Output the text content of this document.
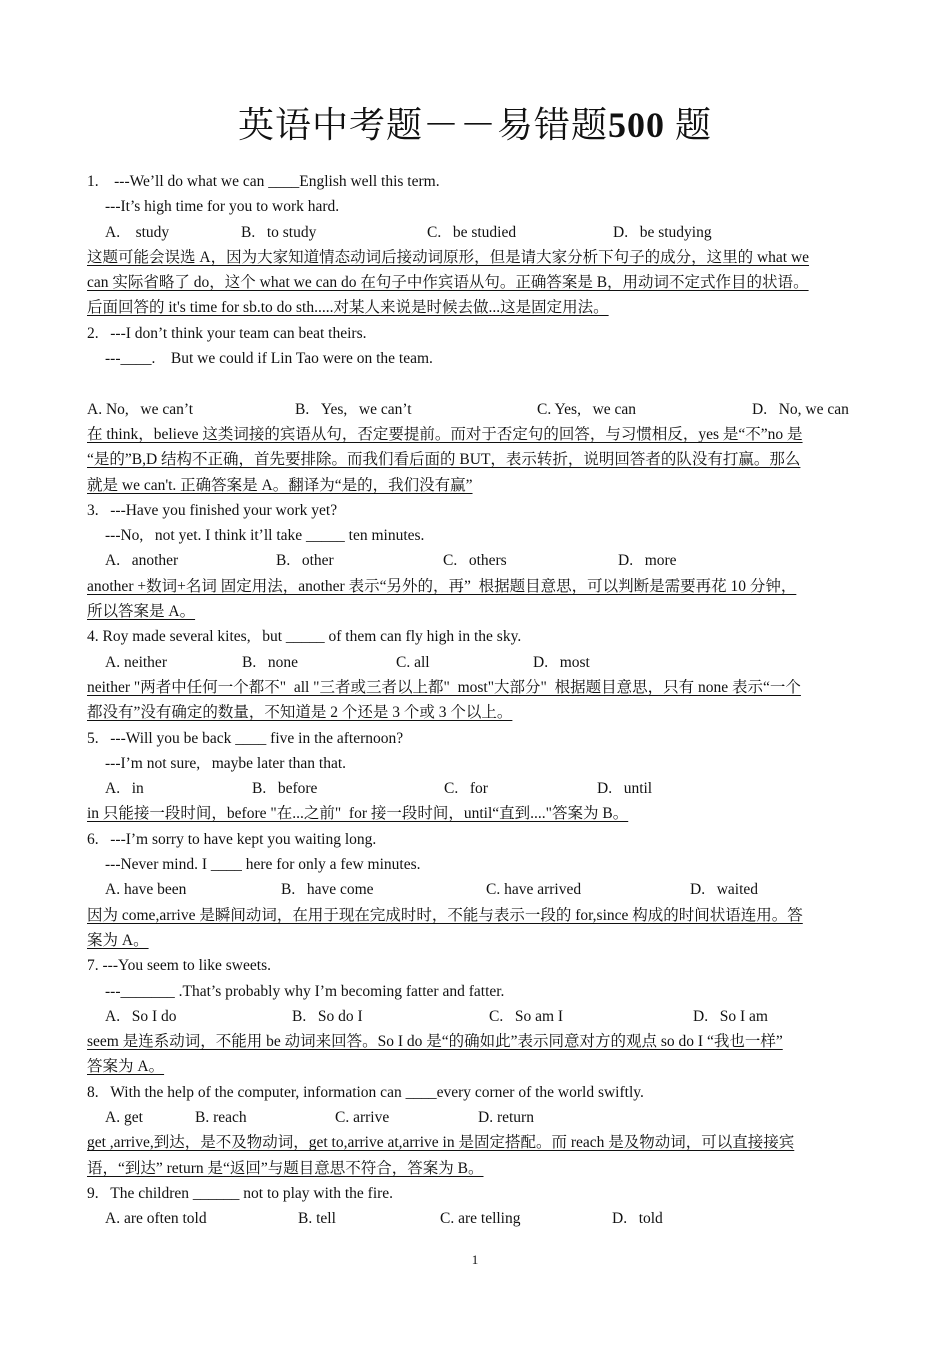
英语中考题－－易错题500 题
1.    ---We’ll do what we can ____English well this term.
---It’s high time for you to work hard.
A.    study	B.   to study	C.   be studied	D.   be studying
这题可能会误选 A，因为大家知道情态动词后接动词原形，但是请大家分析下句子的成分，这里的 what we
can 实际省略了 do，这个 what we can do 在句子中作宾语从句。正确答案是 B，用动词不定式作目的状语。
后面回答的 it's time for sb.to do sth.....对某人来说是时候去做...这是固定用法。
2.   ---I don’t think your team can beat theirs.
---____.    But we could if Lin Tao were on the team.
A. No,   we can’t	B.   Yes,   we can’t	C. Yes,   we can	D.   No, we can
在 think，believe 这类词接的宾语从句，否定要提前。而对于否定句的回答，与习惯相反，yes 是“不”no 是
“是的”B,D 结构不正确，首先要排除。而我们看后面的 BUT，表示转折，说明回答者的队没有打赢。那么
就是 we can't. 正确答案是 A。翻译为“是的，我们没有赢”
3.   ---Have you finished your work yet?
---No,   not yet. I think it’ll take _____ ten minutes.
A.   another	B.   other	C.   others	D.   more
another +数词+名词 固定用法，another 表示“另外的，再”  根据题目意思，可以判断是需要再花 10 分钟，
所以答案是 A。
4. Roy made several kites,   but _____ of them can fly high in the sky.
A. neither	B.   none	C. all	D.   most
neither "两者中任何一个都不"  all "三者或三者以上都"  most"大部分"  根据题目意思，只有 none 表示“一个
都没有”没有确定的数量，不知道是 2 个还是 3 个或 3 个以上。
5.   ---Will you be back ____ five in the afternoon?
---I’m not sure,   maybe later than that.
A.   in	B.   before	C.   for	D.   until
in 只能接一段时间，before "在...之前"  for 接一段时间，until“直到...."答案为 B。
6.   ---I’m sorry to have kept you waiting long.
---Never mind. I ____ here for only a few minutes.
A. have been	B.   have come	C. have arrived	D.   waited
因为 come,arrive 是瞬间动词，在用于现在完成时时，不能与表示一段的 for,since 构成的时间状语连用。答
案为 A。
7. ---You seem to like sweets.
---_______ .That’s probably why I’m becoming fatter and fatter.
A.   So I do	B.   So do I	C.   So am I	D.   So I am
seem 是连系动词，不能用 be 动词来回答。So I do 是“的确如此”表示同意对方的观点 so do I “我也一样”
答案为 A。
8.   With the help of the computer, information can ____every corner of the world swiftly.
A. get	B. reach	C. arrive	D. return
get ,arrive,到达，是不及物动词，get to,arrive at,arrive in 是固定搭配。而 reach 是及物动词，可以直接接宾
语，“到达” return 是“返回”与题目意思不符合，答案为 B。
9.   The children ______ not to play with the fire.
A. are often told	B. tell	C. are telling	D.   told
1
